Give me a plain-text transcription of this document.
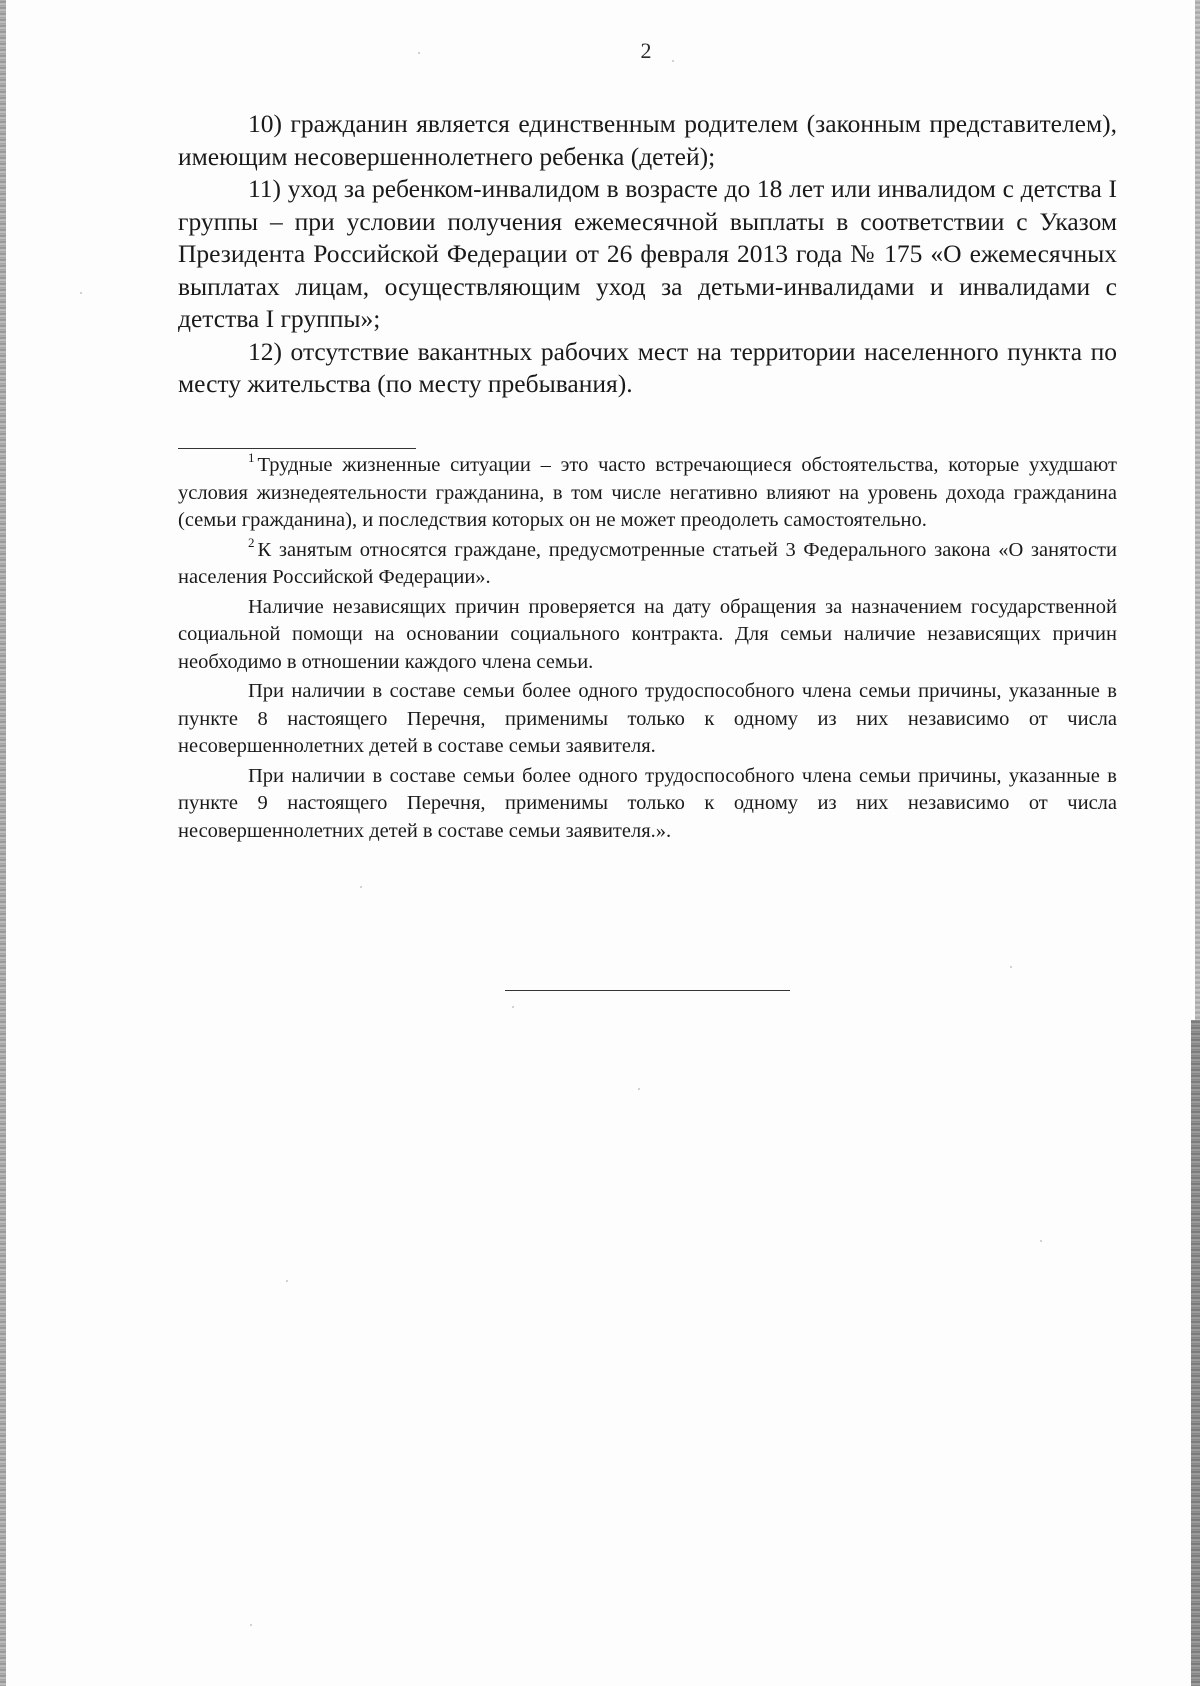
2

10) гражданин является единственным родителем (законным представителем), имеющим несовершеннолетнего ребенка (детей);

11) уход за ребенком-инвалидом в возрасте до 18 лет или инвалидом с детства I группы – при условии получения ежемесячной выплаты в соответствии с Указом Президента Российской Федерации от 26 февраля 2013 года № 175 «О ежемесячных выплатах лицам, осуществляющим уход за детьми-инвалидами и инвалидами с детства I группы»;

12) отсутствие вакантных рабочих мест на территории населенного пункта по месту жительства (по месту пребывания).

$^1$ Трудные жизненные ситуации – это часто встречающиеся обстоятельства, которые ухудшают условия жизнедеятельности гражданина, в том числе негативно влияют на уровень дохода гражданина (семьи гражданина), и последствия которых он не может преодолеть самостоятельно.

$^2$ К занятым относятся граждане, предусмотренные статьей 3 Федерального закона «О занятости населения Российской Федерации».

Наличие независящих причин проверяется на дату обращения за назначением государственной социальной помощи на основании социального контракта. Для семьи наличие независящих причин необходимо в отношении каждого члена семьи.

При наличии в составе семьи более одного трудоспособного члена семьи причины, указанные в пункте 8 настоящего Перечня, применимы только к одному из них независимо от числа несовершеннолетних детей в составе семьи заявителя.

При наличии в составе семьи более одного трудоспособного члена семьи причины, указанные в пункте 9 настоящего Перечня, применимы только к одному из них независимо от числа несовершеннолетних детей в составе семьи заявителя.».
